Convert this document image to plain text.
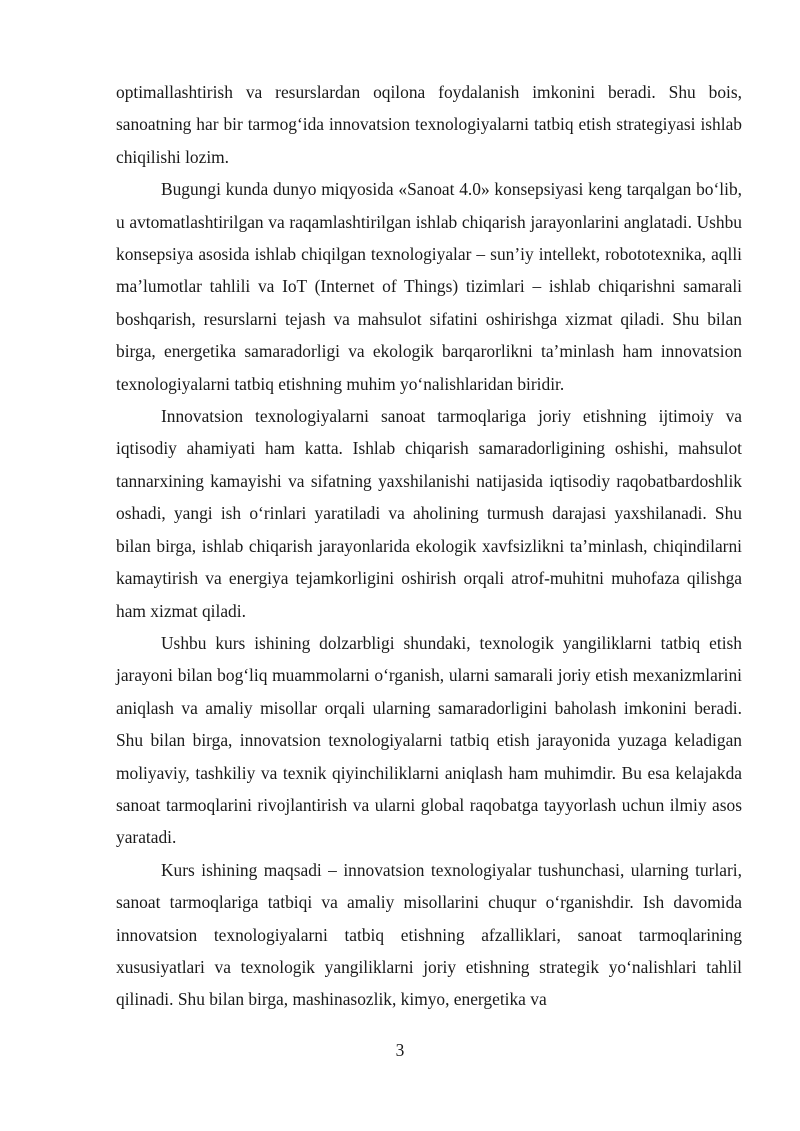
optimallashtirish va resurslardan oqilona foydalanish imkonini beradi. Shu bois, sanoatning har bir tarmogʻida innovatsion texnologiyalarni tatbiq etish strategiyasi ishlab chiqilishi lozim.

Bugungi kunda dunyo miqyosida «Sanoat 4.0» konsepsiyasi keng tarqalgan boʻlib, u avtomatlashtirilgan va raqamlashtirilgan ishlab chiqarish jarayonlarini anglatadi. Ushbu konsepsiya asosida ishlab chiqilgan texnologiyalar – sunʼiy intellekt, robototexnika, aqlli maʼlumotlar tahlili va IoT (Internet of Things) tizimlari – ishlab chiqarishni samarali boshqarish, resurslarni tejash va mahsulot sifatini oshirishga xizmat qiladi. Shu bilan birga, energetika samaradorligi va ekologik barqarorlikni taʼminlash ham innovatsion texnologiyalarni tatbiq etishning muhim yoʻnalishlaridan biridir.

Innovatsion texnologiyalarni sanoat tarmoqlariga joriy etishning ijtimoiy va iqtisodiy ahamiyati ham katta. Ishlab chiqarish samaradorligining oshishi, mahsulot tannarxining kamayishi va sifatning yaxshilanishi natijasida iqtisodiy raqobatbardoshlik oshadi, yangi ish oʻrinlari yaratiladi va aholining turmush darajasi yaxshilanadi. Shu bilan birga, ishlab chiqarish jarayonlarida ekologik xavfsizlikni taʼminlash, chiqindilarni kamaytirish va energiya tejamkorligini oshirish orqali atrof-muhitni muhofaza qilishga ham xizmat qiladi.

Ushbu kurs ishining dolzarbligi shundaki, texnologik yangiliklarni tatbiq etish jarayoni bilan bogʻliq muammolarni oʻrganish, ularni samarali joriy etish mexanizmlarini aniqlash va amaliy misollar orqali ularning samaradorligini baholash imkonini beradi. Shu bilan birga, innovatsion texnologiyalarni tatbiq etish jarayonida yuzaga keladigan moliyaviy, tashkiliy va texnik qiyinchiliklarni aniqlash ham muhimdir. Bu esa kelajakda sanoat tarmoqlarini rivojlantirish va ularni global raqobatga tayyorlash uchun ilmiy asos yaratadi.

Kurs ishining maqsadi – innovatsion texnologiyalar tushunchasi, ularning turlari, sanoat tarmoqlariga tatbiqi va amaliy misollarini chuqur oʻrganishdir. Ish davomida innovatsion texnologiyalarni tatbiq etishning afzalliklari, sanoat tarmoqlarining xususiyatlari va texnologik yangiliklarni joriy etishning strategik yoʻnalishlari tahlil qilinadi. Shu bilan birga, mashinasozlik, kimyo, energetika va

3
